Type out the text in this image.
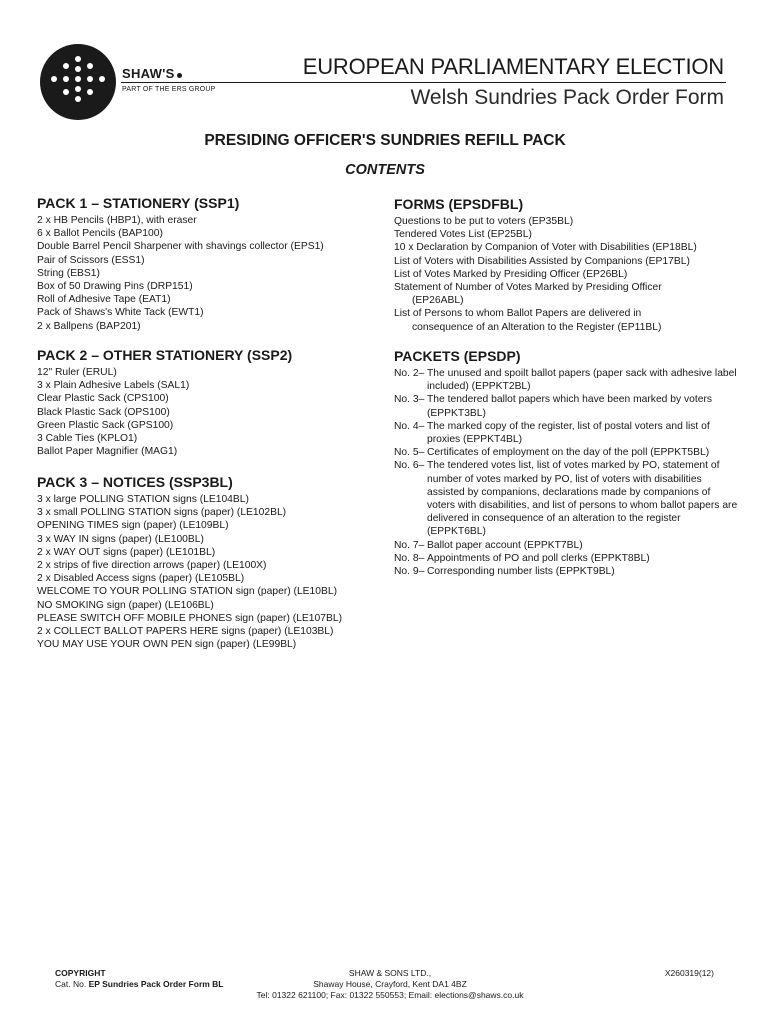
SHAW'S
PART OF THE ERS GROUP
EUROPEAN PARLIAMENTARY ELECTION
Welsh Sundries Pack Order Form
PRESIDING OFFICER'S SUNDRIES REFILL PACK
CONTENTS
PACK 1 – STATIONERY (SSP1)
2 x HB Pencils (HBP1), with eraser
6 x Ballot Pencils (BAP100)
Double Barrel Pencil Sharpener with shavings collector (EPS1)
Pair of Scissors (ESS1)
String (EBS1)
Box of 50 Drawing Pins (DRP151)
Roll of Adhesive Tape (EAT1)
Pack of Shaws's White Tack (EWT1)
2 x Ballpens (BAP201)
PACK 2 – OTHER STATIONERY (SSP2)
12" Ruler (ERUL)
3 x Plain Adhesive Labels (SAL1)
Clear Plastic Sack (CPS100)
Black Plastic Sack (OPS100)
Green Plastic Sack (GPS100)
3 Cable Ties (KPLO1)
Ballot Paper Magnifier (MAG1)
PACK 3 – NOTICES (SSP3BL)
3 x large POLLING STATION signs (LE104BL)
3 x small POLLING STATION signs (paper) (LE102BL)
OPENING TIMES sign (paper) (LE109BL)
3 x WAY IN signs (paper) (LE100BL)
2 x WAY OUT signs (paper) (LE101BL)
2 x strips of five direction arrows (paper) (LE100X)
2 x Disabled Access signs (paper) (LE105BL)
WELCOME TO YOUR POLLING STATION sign (paper) (LE10BL)
NO SMOKING sign (paper) (LE106BL)
PLEASE SWITCH OFF MOBILE PHONES sign (paper) (LE107BL)
2 x COLLECT BALLOT PAPERS HERE signs (paper) (LE103BL)
YOU MAY USE YOUR OWN PEN sign (paper) (LE99BL)
FORMS (EPSDFBL)
Questions to be put to voters (EP35BL)
Tendered Votes List (EP25BL)
10 x Declaration by Companion of Voter with Disabilities (EP18BL)
List of Voters with Disabilities Assisted by Companions (EP17BL)
List of Votes Marked by Presiding Officer (EP26BL)
Statement of Number of Votes Marked by Presiding Officer
(EP26ABL)
List of Persons to whom Ballot Papers are delivered in
consequence of an Alteration to the Register (EP11BL)
PACKETS (EPSDP)
No. 2– The unused and spoilt ballot papers (paper sack with adhesive label included) (EPPKT2BL)
No. 3– The tendered ballot papers which have been marked by voters (EPPKT3BL)
No. 4– The marked copy of the register, list of postal voters and list of proxies (EPPKT4BL)
No. 5– Certificates of employment on the day of the poll (EPPKT5BL)
No. 6– The tendered votes list, list of votes marked by PO, statement of number of votes marked by PO, list of voters with disabilities assisted by companions, declarations made by companions of voters with disabilities, and list of persons to whom ballot papers are delivered in consequence of an alteration to the register (EPPKT6BL)
No. 7– Ballot paper account (EPPKT7BL)
No. 8– Appointments of PO and poll clerks (EPPKT8BL)
No. 9– Corresponding number lists (EPPKT9BL)
COPYRIGHT
Cat. No. EP Sundries Pack Order Form BL
SHAW & SONS LTD.,
Shaway House, Crayford, Kent DA1 4BZ
Tel: 01322 621100; Fax: 01322 550553; Email: elections@shaws.co.uk
X260319(12)
